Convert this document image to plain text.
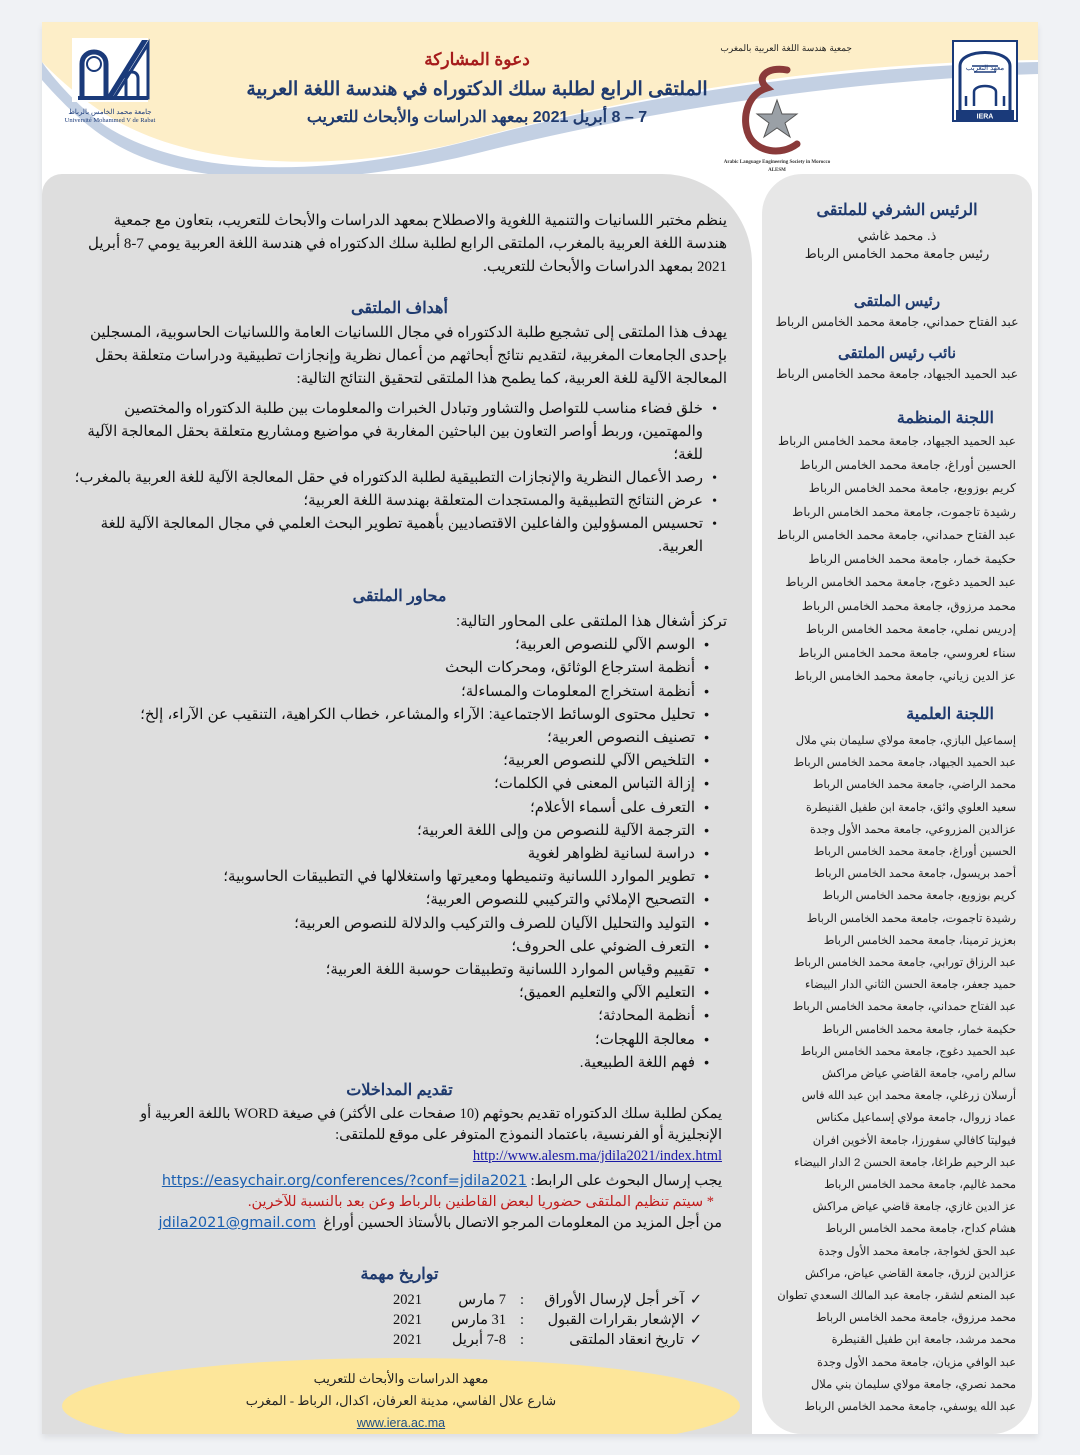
جامعة محمد الخامس بالرباط
Université Mohammed V de Rabat
دعوة المشاركة
الملتقى الرابع لطلبة سلك الدكتوراه في هندسة اللغة العربية
7 – 8 أبريل 2021 بمعهد الدراسات والأبحاث للتعريب
جمعية هندسة اللغة العربية بالمغرب
Arabic Language Engineering Society in Morocco
ALESM
IERA
معهد التعريب

ينظم مختبر اللسانيات والتنمية اللغوية والاصطلاح بمعهد الدراسات والأبحاث للتعريب، بتعاون مع جمعية هندسة اللغة العربية بالمغرب، الملتقى الرابع لطلبة سلك الدكتوراه في هندسة اللغة العربية يومي 7-8 أبريل 2021 بمعهد الدراسات والأبحاث للتعريب.

أهداف الملتقى

يهدف هذا الملتقى إلى تشجيع طلبة الدكتوراه في مجال اللسانيات العامة واللسانيات الحاسوبية، المسجلين بإحدى الجامعات المغربية، لتقديم نتائج أبحاثهم من أعمال نظرية وإنجازات تطبيقية ودراسات متعلقة بحقل المعالجة الآلية للغة العربية، كما يطمح هذا الملتقى لتحقيق النتائج التالية:

• خلق فضاء مناسب للتواصل والتشاور وتبادل الخبرات والمعلومات بين طلبة الدكتوراه والمختصين والمهتمين، وربط أواصر التعاون بين الباحثين المغاربة في مواضيع ومشاريع متعلقة بحقل المعالجة الآلية للغة؛
• رصد الأعمال النظرية والإنجازات التطبيقية لطلبة الدكتوراه في حقل المعالجة الآلية للغة العربية بالمغرب؛
• عرض النتائج التطبيقية والمستجدات المتعلقة بهندسة اللغة العربية؛
• تحسيس المسؤولين والفاعلين الاقتصاديين بأهمية تطوير البحث العلمي في مجال المعالجة الآلية للغة العربية.
محاور الملتقى
تركز أشغال هذا الملتقى على المحاور التالية:
• الوسم الآلي للنصوص العربية؛
• أنظمة استرجاع الوثائق، ومحركات البحث
• أنظمة استخراج المعلومات والمساءلة؛
• تحليل محتوى الوسائط الاجتماعية: الآراء والمشاعر، خطاب الكراهية، التنقيب عن الآراء، إلخ؛
• تصنيف النصوص العربية؛
• التلخيص الآلي للنصوص العربية؛
• إزالة التباس المعنى في الكلمات؛
• التعرف على أسماء الأعلام؛
• الترجمة الآلية للنصوص من وإلى اللغة العربية؛
• دراسة لسانية لظواهر لغوية
• تطوير الموارد اللسانية وتنميطها ومعيرتها واستغلالها في التطبيقات الحاسوبية؛
• التصحيح الإملائي والتركيبي للنصوص العربية؛
• التوليد والتحليل الآليان للصرف والتركيب والدلالة للنصوص العربية؛
• التعرف الضوئي على الحروف؛
• تقييم وقياس الموارد اللسانية وتطبيقات حوسبة اللغة العربية؛
• التعليم الآلي والتعليم العميق؛
• أنظمة المحادثة؛
• معالجة اللهجات؛
• فهم اللغة الطبيعية.
تقديم المداخلات
يمكن لطلبة سلك الدكتوراه تقديم بحوثهم (10 صفحات على الأكثر) في صيغة WORD باللغة العربية أو الإنجليزية أو الفرنسية، باعتماد النموذج المتوفر على موقع للملتقى:
http://www.alesm.ma/jdila2021/index.html
يجب إرسال البحوث على الرابط: https://easychair.org/conferences/?conf=jdila2021
* سيتم تنظيم الملتقى حضوريا لبعض القاطنين بالرباط وعن بعد بالنسبة للآخرين.
من أجل المزيد من المعلومات المرجو الاتصال بالأستاذ الحسين أوراغ  jdila2021@gmail.com
تواريخ مهمة
✓
آخر أجل لإرسال الأوراق
:
7 مارس
2021
✓
الإشعار بقرارات القبول
:
31 مارس
2021
✓
تاريخ انعقاد الملتقى
:
7-8 أبريل
2021
معهد الدراسات والأبحاث للتعريب
شارع علال الفاسي، مدينة العرفان، اكدال، الرباط - المغرب
www.iera.ac.ma
الرئيس الشرفي للملتقى
ذ. محمد غاشي
رئيس جامعة محمد الخامس الرباط
رئيس الملتقى
عبد الفتاح حمداني، جامعة محمد الخامس الرباط
نائب رئيس الملتقى
عبد الحميد الجيهاد، جامعة محمد الخامس الرباط
اللجنة المنظمة
عبد الحميد الجيهاد، جامعة محمد الخامس الرباط
الحسين أوراغ، جامعة محمد الخامس الرباط
كريم بوزوبع، جامعة محمد الخامس الرباط
رشيدة تاجموت، جامعة محمد الخامس الرباط
عبد الفتاح حمداني، جامعة محمد الخامس الرباط
حكيمة خمار، جامعة محمد الخامس الرباط
عبد الحميد دغوج، جامعة محمد الخامس الرباط
محمد مرزوق، جامعة محمد الخامس الرباط
إدريس نملي، جامعة محمد الخامس الرباط
سناء لعروسي، جامعة محمد الخامس الرباط
عز الدين زياني، جامعة محمد الخامس الرباط
اللجنة العلمية
إسماعيل البازي، جامعة مولاي سليمان بني ملال
عبد الحميد الجيهاد، جامعة محمد الخامس الرباط
محمد الراضي، جامعة محمد الخامس الرباط
سعيد العلوي وائق، جامعة ابن طفيل القنيطرة
عزالدين المزروعي، جامعة محمد الأول وجدة
الحسين أوراغ، جامعة محمد الخامس الرباط
أحمد بريسول، جامعة محمد الخامس الرباط
كريم بوزوبع، جامعة محمد الخامس الرباط
رشيدة تاجموت، جامعة محمد الخامس الرباط
بعزيز ترمينا، جامعة محمد الخامس الرباط
عبد الرزاق تورابي، جامعة محمد الخامس الرباط
حميد جعفر، جامعة الحسن الثاني الدار البيضاء
عبد الفتاح حمداني، جامعة محمد الخامس الرباط
حكيمة خمار، جامعة محمد الخامس الرباط
عبد الحميد دغوج، جامعة محمد الخامس الرباط
سالم رامي، جامعة القاضي عياض مراكش
أرسلان زرغلي، جامعة محمد ابن عبد الله فاس
عماد زروال، جامعة مولاي إسماعيل مكناس
فيوليتا كافالي سفورزا، جامعة الأخوين افران
عبد الرحيم طراغا، جامعة الحسن 2 الدار البيضاء
محمد غاليم، جامعة محمد الخامس الرباط
عز الدين غازي، جامعة قاضي عياض مراكش
هشام كداح، جامعة محمد الخامس الرباط
عبد الحق لخواجة، جامعة محمد الأول وجدة
عزالدين لزرق، جامعة القاضي عياض، مراكش
عبد المنعم لشقر، جامعة عبد المالك السعدي تطوان
محمد مرزوق، جامعة محمد الخامس الرباط
محمد مرشد، جامعة ابن طفيل القنيطرة
عبد الوافي مزيان، جامعة محمد الأول وجدة
محمد نصري، جامعة مولاي سليمان بني ملال
عبد الله يوسفي، جامعة محمد الخامس الرباط
